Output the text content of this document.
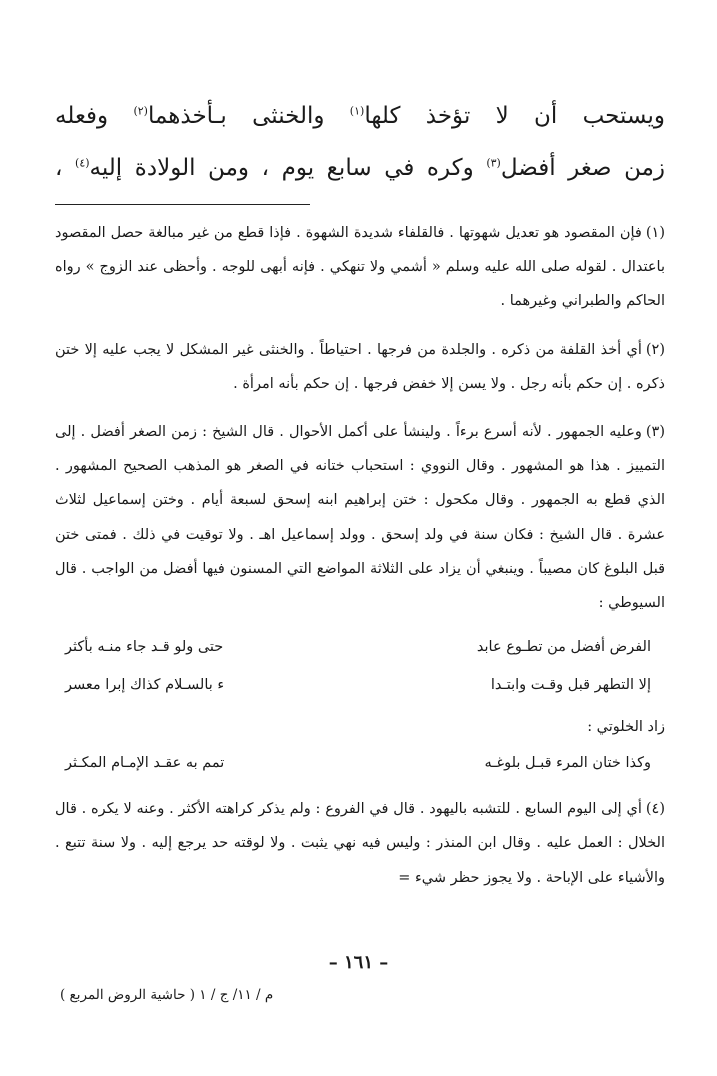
ويستحب أن لا تؤخذ كلها$^{(١)}$ والخنثى بـأخذهما$^{(٢)}$ وفعله

زمن صغر أفضل$^{(٣)}$ وكره في سابع يوم ، ومن الولادة إليه$^{(٤)}$ ،

(١)فإن المقصود هو تعديل شهوتها . فالقلفاء شديدة الشهوة . فإذا قطع من غير مبالغة حصل المقصود باعتدال . لقوله صلى الله عليه وسلم « أشمي ولا تنهكي . فإنه أبهى للوجه . وأحظى عند الزوج » رواه الحاكم والطبراني وغيرهما .

(٢)أي أخذ القلفة من ذكره . والجلدة من فرجها . احتياطاً . والخنثى غير المشكل لا يجب عليه إلا ختن ذكره . إن حكم بأنه رجل . ولا يسن إلا خفض فرجها . إن حكم بأنه امرأة .

(٣)وعليه الجمهور . لأنه أسرع برءاً . ولينشأ على أكمل الأحوال . قال الشيخ : زمن الصغر أفضل . إلى التمييز . هذا هو المشهور . وقال النووي : استحباب ختانه في الصغر هو المذهب الصحيح المشهور . الذي قطع به الجمهور . وقال مكحول : ختن إبراهيم ابنه إسحق لسبعة أيام . وختن إسماعيل لثلاث عشرة . قال الشيخ : فكان سنة في ولد إسحق . وولد إسماعيل اهـ . ولا توقيت في ذلك . فمتى ختن قبل البلوغ كان مصيباً . وينبغي أن يزاد على الثلاثة المواضع التي المسنون فيها أفضل من الواجب . قال السيوطي :

الفرض أفضل من تطـوع عابد
حتى ولو قـد جاء منـه بأكثر
إلا التطهر قبل وقـت وابتـدا
ء بالسـلام كذاك إبرا معسر

زاد الخلوتي :

وكذا ختان المرء قبـل بلوغـه
تمم به عقـد الإمـام المكـثر

(٤)أي إلى اليوم السابع . للتشبه باليهود . قال في الفروع : ولم يذكر كراهته الأكثر . وعنه لا يكره . قال الخلال : العمل عليه . وقال ابن المنذر : وليس فيه نهي يثبت . ولا لوقته حد يرجع إليه . ولا سنة تتبع . والأشياء على الإباحة . ولا يجوز حظر شيء =

– ١٦١ –
م / ١١/ ج / ١ ( حاشية الروض المربع )
